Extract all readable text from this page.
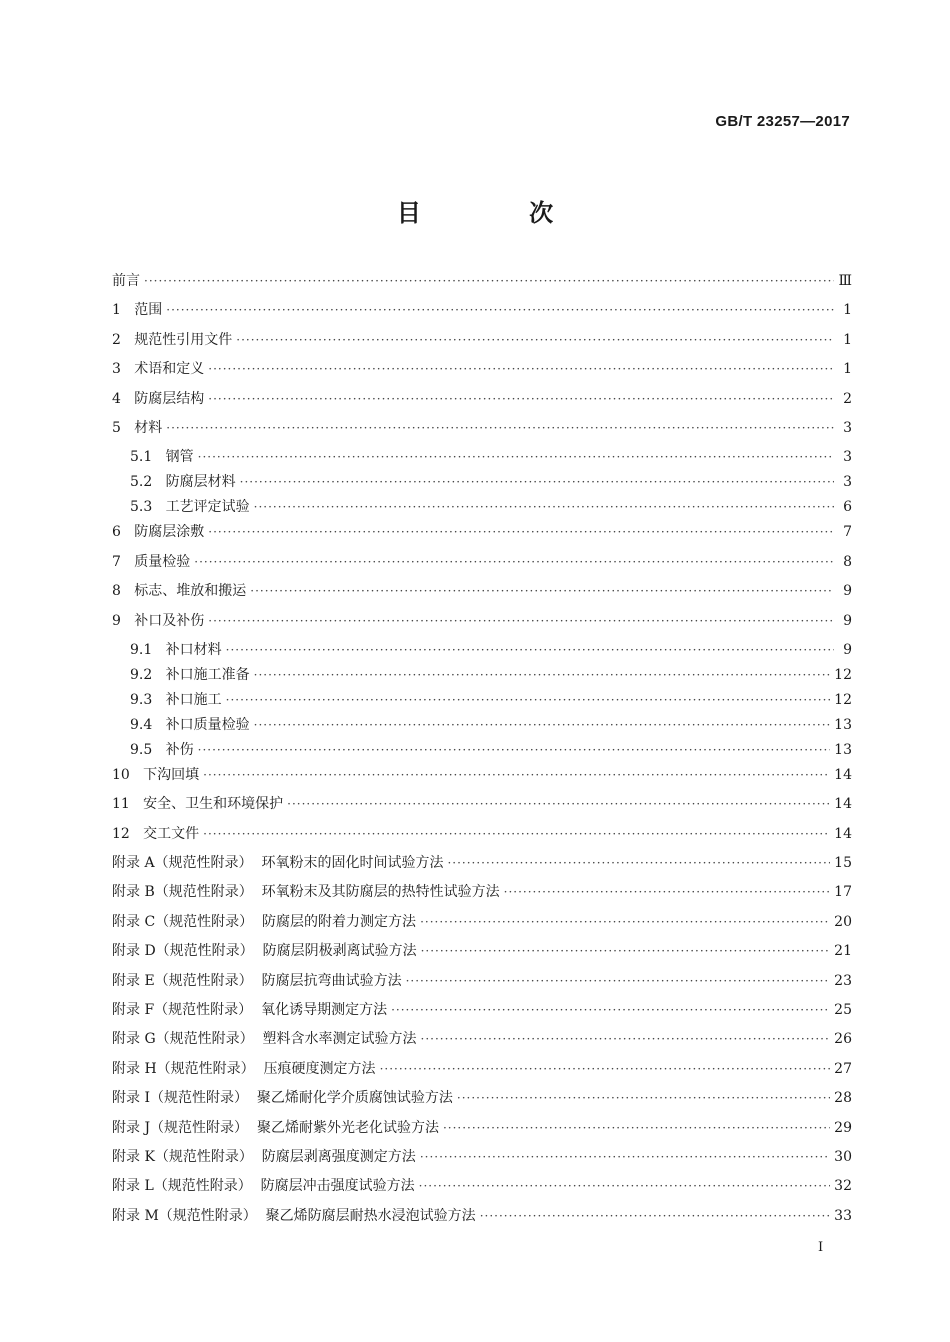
GB/T 23257—2017
目 次
前言 ·····	Ⅲ
1   范围 ·····	1
2   规范性引用文件 ·····	1
3   术语和定义 ·····	1
4   防腐层结构 ·····	2
5   材料 ·····	3
5.1   钢管 ·····	3
5.2   防腐层材料 ·····	3
5.3   工艺评定试验 ·····	6
6   防腐层涂敷 ·····	7
7   质量检验 ·····	8
8   标志、堆放和搬运 ·····	9
9   补口及补伤 ·····	9
9.1   补口材料 ·····	9
9.2   补口施工准备 ·····	12
9.3   补口施工 ·····	12
9.4   补口质量检验 ·····	13
9.5   补伤 ·····	13
10   下沟回填 ·····	14
11   安全、卫生和环境保护 ·····	14
12   交工文件 ·····	14
附录 A（规范性附录）  环氧粉末的固化时间试验方法 ·····	15
附录 B（规范性附录）  环氧粉末及其防腐层的热特性试验方法 ·····	17
附录 C（规范性附录）  防腐层的附着力测定方法 ·····	20
附录 D（规范性附录）  防腐层阴极剥离试验方法 ·····	21
附录 E（规范性附录）  防腐层抗弯曲试验方法 ·····	23
附录 F（规范性附录）  氧化诱导期测定方法 ·····	25
附录 G（规范性附录）  塑料含水率测定试验方法 ·····	26
附录 H（规范性附录）  压痕硬度测定方法 ·····	27
附录 I（规范性附录）  聚乙烯耐化学介质腐蚀试验方法 ·····	28
附录 J（规范性附录）  聚乙烯耐紫外光老化试验方法 ·····	29
附录 K（规范性附录）  防腐层剥离强度测定方法 ·····	30
附录 L（规范性附录）  防腐层冲击强度试验方法 ·····	32
附录 M（规范性附录）  聚乙烯防腐层耐热水浸泡试验方法 ·····	33
I
